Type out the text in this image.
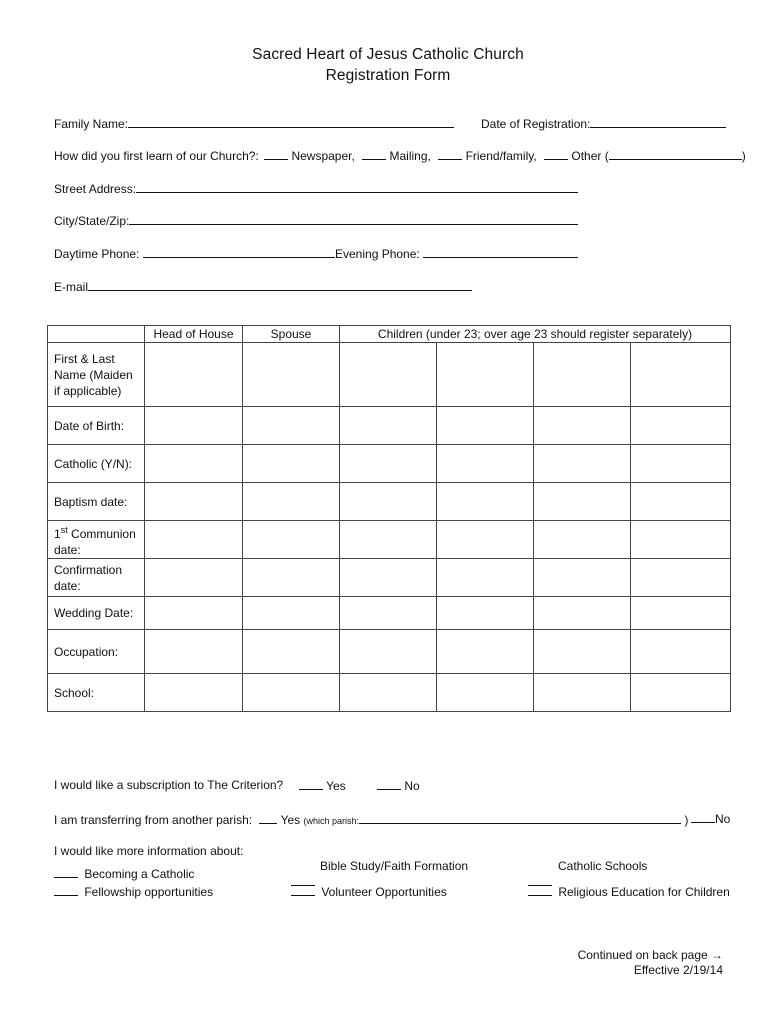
Sacred Heart of Jesus Catholic Church
Registration Form
Family Name:	Date of Registration:
How did you first learn of our Church?:	Newspaper,	Mailing,	Friend/family,	Other (	)
Street Address:
City/State/Zip:
Daytime Phone:	Evening Phone:
E-mail
	Head of House	Spouse	Children (under 23; over age 23 should register separately)			
First & Last
Name (Maiden
if applicable)						
Date of Birth:						
Catholic (Y/N):						
Baptism date:						
1st Communion
date:						
Confirmation
date:						
Wedding Date:						
Occupation:						
School:						
I would like a subscription to The Criterion?	Yes	No
I am transferring from another parish: Yes (which parish:	)	No
I would like more information about:
Becoming a Catholic
Fellowship opportunities
Bible Study/Faith Formation
Volunteer Opportunities
Catholic Schools
Religious Education for Children
Continued on back page →
Effective 2/19/14
